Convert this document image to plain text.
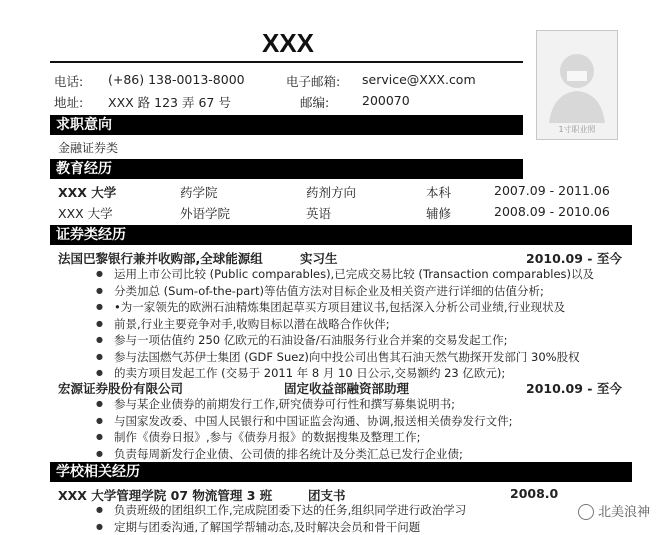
XXX
电话: (+86) 138-0013-8000	电子邮箱: service@XXX.com
地址: XXX 路 123 弄 67 号	邮编:	200070
1寸职业照
求职意向
金融证券类
教育经历
XXX 大学	药学院	药剂方向	本科	2007.09 - 2011.06
XXX 大学	外语学院	英语	辅修	2008.09 - 2010.06
证券类经历
法国巴黎银行兼并收购部,全球能源组	实习生	2010.09 - 至今
● 运用上市公司比较 (Public comparables),已完成交易比较 (Transaction comparables)以及
● 分类加总 (Sum-of-the-part)等估值方法对目标企业及相关资产进行详细的估值分析;
● •为一家领先的欧洲石油精炼集团起草买方项目建议书,包括深入分析公司业绩,行业现状及
● 前景,行业主要竞争对手,收购目标以潜在战略合作伙伴;
● 参与一项估值约 250 亿欧元的石油设备/石油服务行业合并案的交易发起工作;
● 参与法国燃气苏伊士集团 (GDF Suez)向中投公司出售其石油天然气勘探开发部门 30%股权
● 的卖方项目发起工作 (交易于 2011 年 8 月 10 日公示,交易额约 23 亿欧元);
宏源证券股份有限公司	固定收益部融资部助理	2010.09 - 至今
● 参与某企业债券的前期发行工作,研究债券可行性和撰写募集说明书;
● 与国家发改委、中国人民银行和中国证监会沟通、协调,报送相关债券发行文件;
● 制作《债券日报》,参与《债券月报》的数据搜集及整理工作;
● 负责每周新发行企业债、公司债的排名统计及分类汇总已发行企业债;
学校相关经历
XXX 大学管理学院 07 物流管理 3 班	团支书	2008.0
● 负责班级的团组织工作,完成院团委下达的任务,组织同学进行政治学习
● 定期与团委沟通,了解国学帮辅动态,及时解决会员和骨干问题
北美浪神
